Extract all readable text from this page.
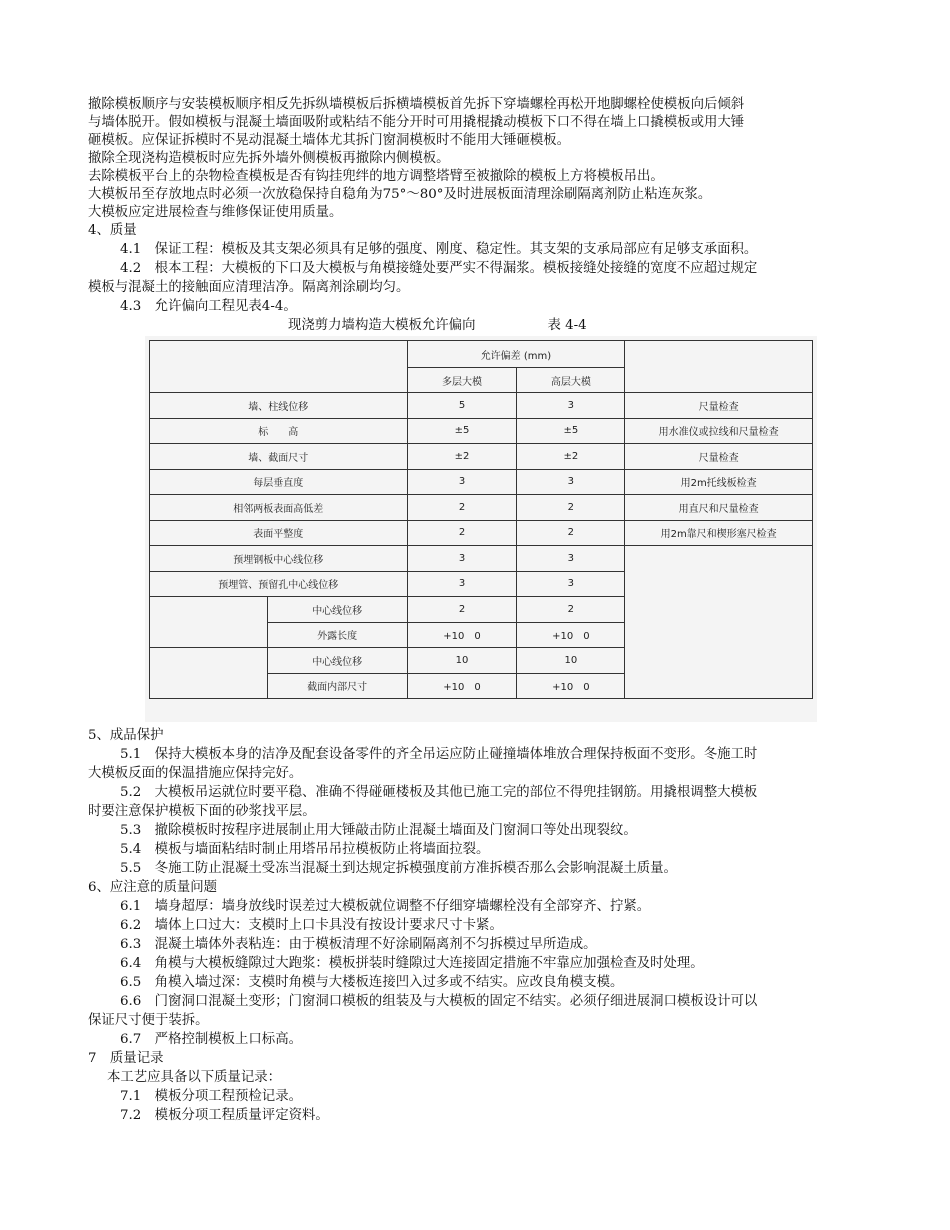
撤除模板顺序与安装模板顺序相反先拆纵墙模板后拆横墙模板首先拆下穿墙螺栓再松开地脚螺栓使模板向后倾斜
与墙体脱开。假如模板与混凝土墙面吸附或粘结不能分开时可用撬棍撬动模板下口不得在墙上口撬模板或用大锤
砸模板。应保证拆模时不晃动混凝土墙体尤其拆门窗洞模板时不能用大锤砸模板。
撤除全现浇构造模板时应先拆外墙外侧模板再撤除内侧模板。
去除模板平台上的杂物检查模板是否有钩挂兜绊的地方调整塔臂至被撤除的模板上方将模板吊出。
大模板吊至存放地点时必须一次放稳保持自稳角为75°～80°及时进展板面清理涂刷隔离剂防止粘连灰浆。
大模板应定进展检查与维修保证使用质量。
4、质量
4.1　保证工程：模板及其支架必须具有足够的强度、刚度、稳定性。其支架的支承局部应有足够支承面积。
4.2　根本工程：大模板的下口及大模板与角模接缝处要严实不得漏浆。模板接缝处接缝的宽度不应超过规定
模板与混凝土的接触面应清理洁净。隔离剂涂刷均匀。
4.3　允许偏向工程见表4-4。
现浇剪力墙构造大模板允许偏向	表 4-4
		允许偏差 (mm)		
		多层大模	高层大模	
墙、柱线位移		5	3	尺量检查
标　　高		±5	±5	用水准仪或拉线和尺量检查
墙、截面尺寸		±2	±2	尺量检查
每层垂直度		3	3	用2m托线板检查
相邻两板表面高低差		2	2	用直尺和尺量检查
表面平整度		2	2	用2m靠尺和楔形塞尺检查
预埋钢板中心线位移		3	3	
预埋管、预留孔中心线位移		3	3	
	中心线位移	2	2	
	外露长度	+10　0	+10　0	
	中心线位移	10	10	
	截面内部尺寸	+10　0	+10　0	
5、成品保护
5.1　保持大模板本身的洁净及配套设备零件的齐全吊运应防止碰撞墙体堆放合理保持板面不变形。冬施工时
大模板反面的保温措施应保持完好。
5.2　大模板吊运就位时要平稳、准确不得碰砸楼板及其他已施工完的部位不得兜挂钢筋。用撬根调整大模板
时要注意保护模板下面的砂浆找平层。
5.3　撤除模板时按程序进展制止用大锤敲击防止混凝土墙面及门窗洞口等处出现裂纹。
5.4　模板与墙面粘结时制止用塔吊吊拉模板防止将墙面拉裂。
5.5　冬施工防止混凝土受冻当混凝土到达规定拆模强度前方准拆模否那么会影响混凝土质量。
6、应注意的质量问题
6.1　墙身超厚：墙身放线时误差过大模板就位调整不仔细穿墙螺栓没有全部穿齐、拧紧。
6.2　墙体上口过大：支模时上口卡具没有按设计要求尺寸卡紧。
6.3　混凝土墙体外表粘连：由于模板清理不好涂刷隔离剂不匀拆模过早所造成。
6.4　角模与大模板缝隙过大跑浆：模板拼装时缝隙过大连接固定措施不牢靠应加强检查及时处理。
6.5　角模入墙过深：支模时角模与大楼板连接凹入过多或不结实。应改良角模支模。
6.6　门窗洞口混凝土变形；门窗洞口模板的组装及与大模板的固定不结实。必须仔细进展洞口模板设计可以
保证尺寸便于装拆。
6.7　严格控制模板上口标高。
7　质量记录
本工艺应具备以下质量记录：
7.1　模板分项工程预检记录。
7.2　模板分项工程质量评定资料。
